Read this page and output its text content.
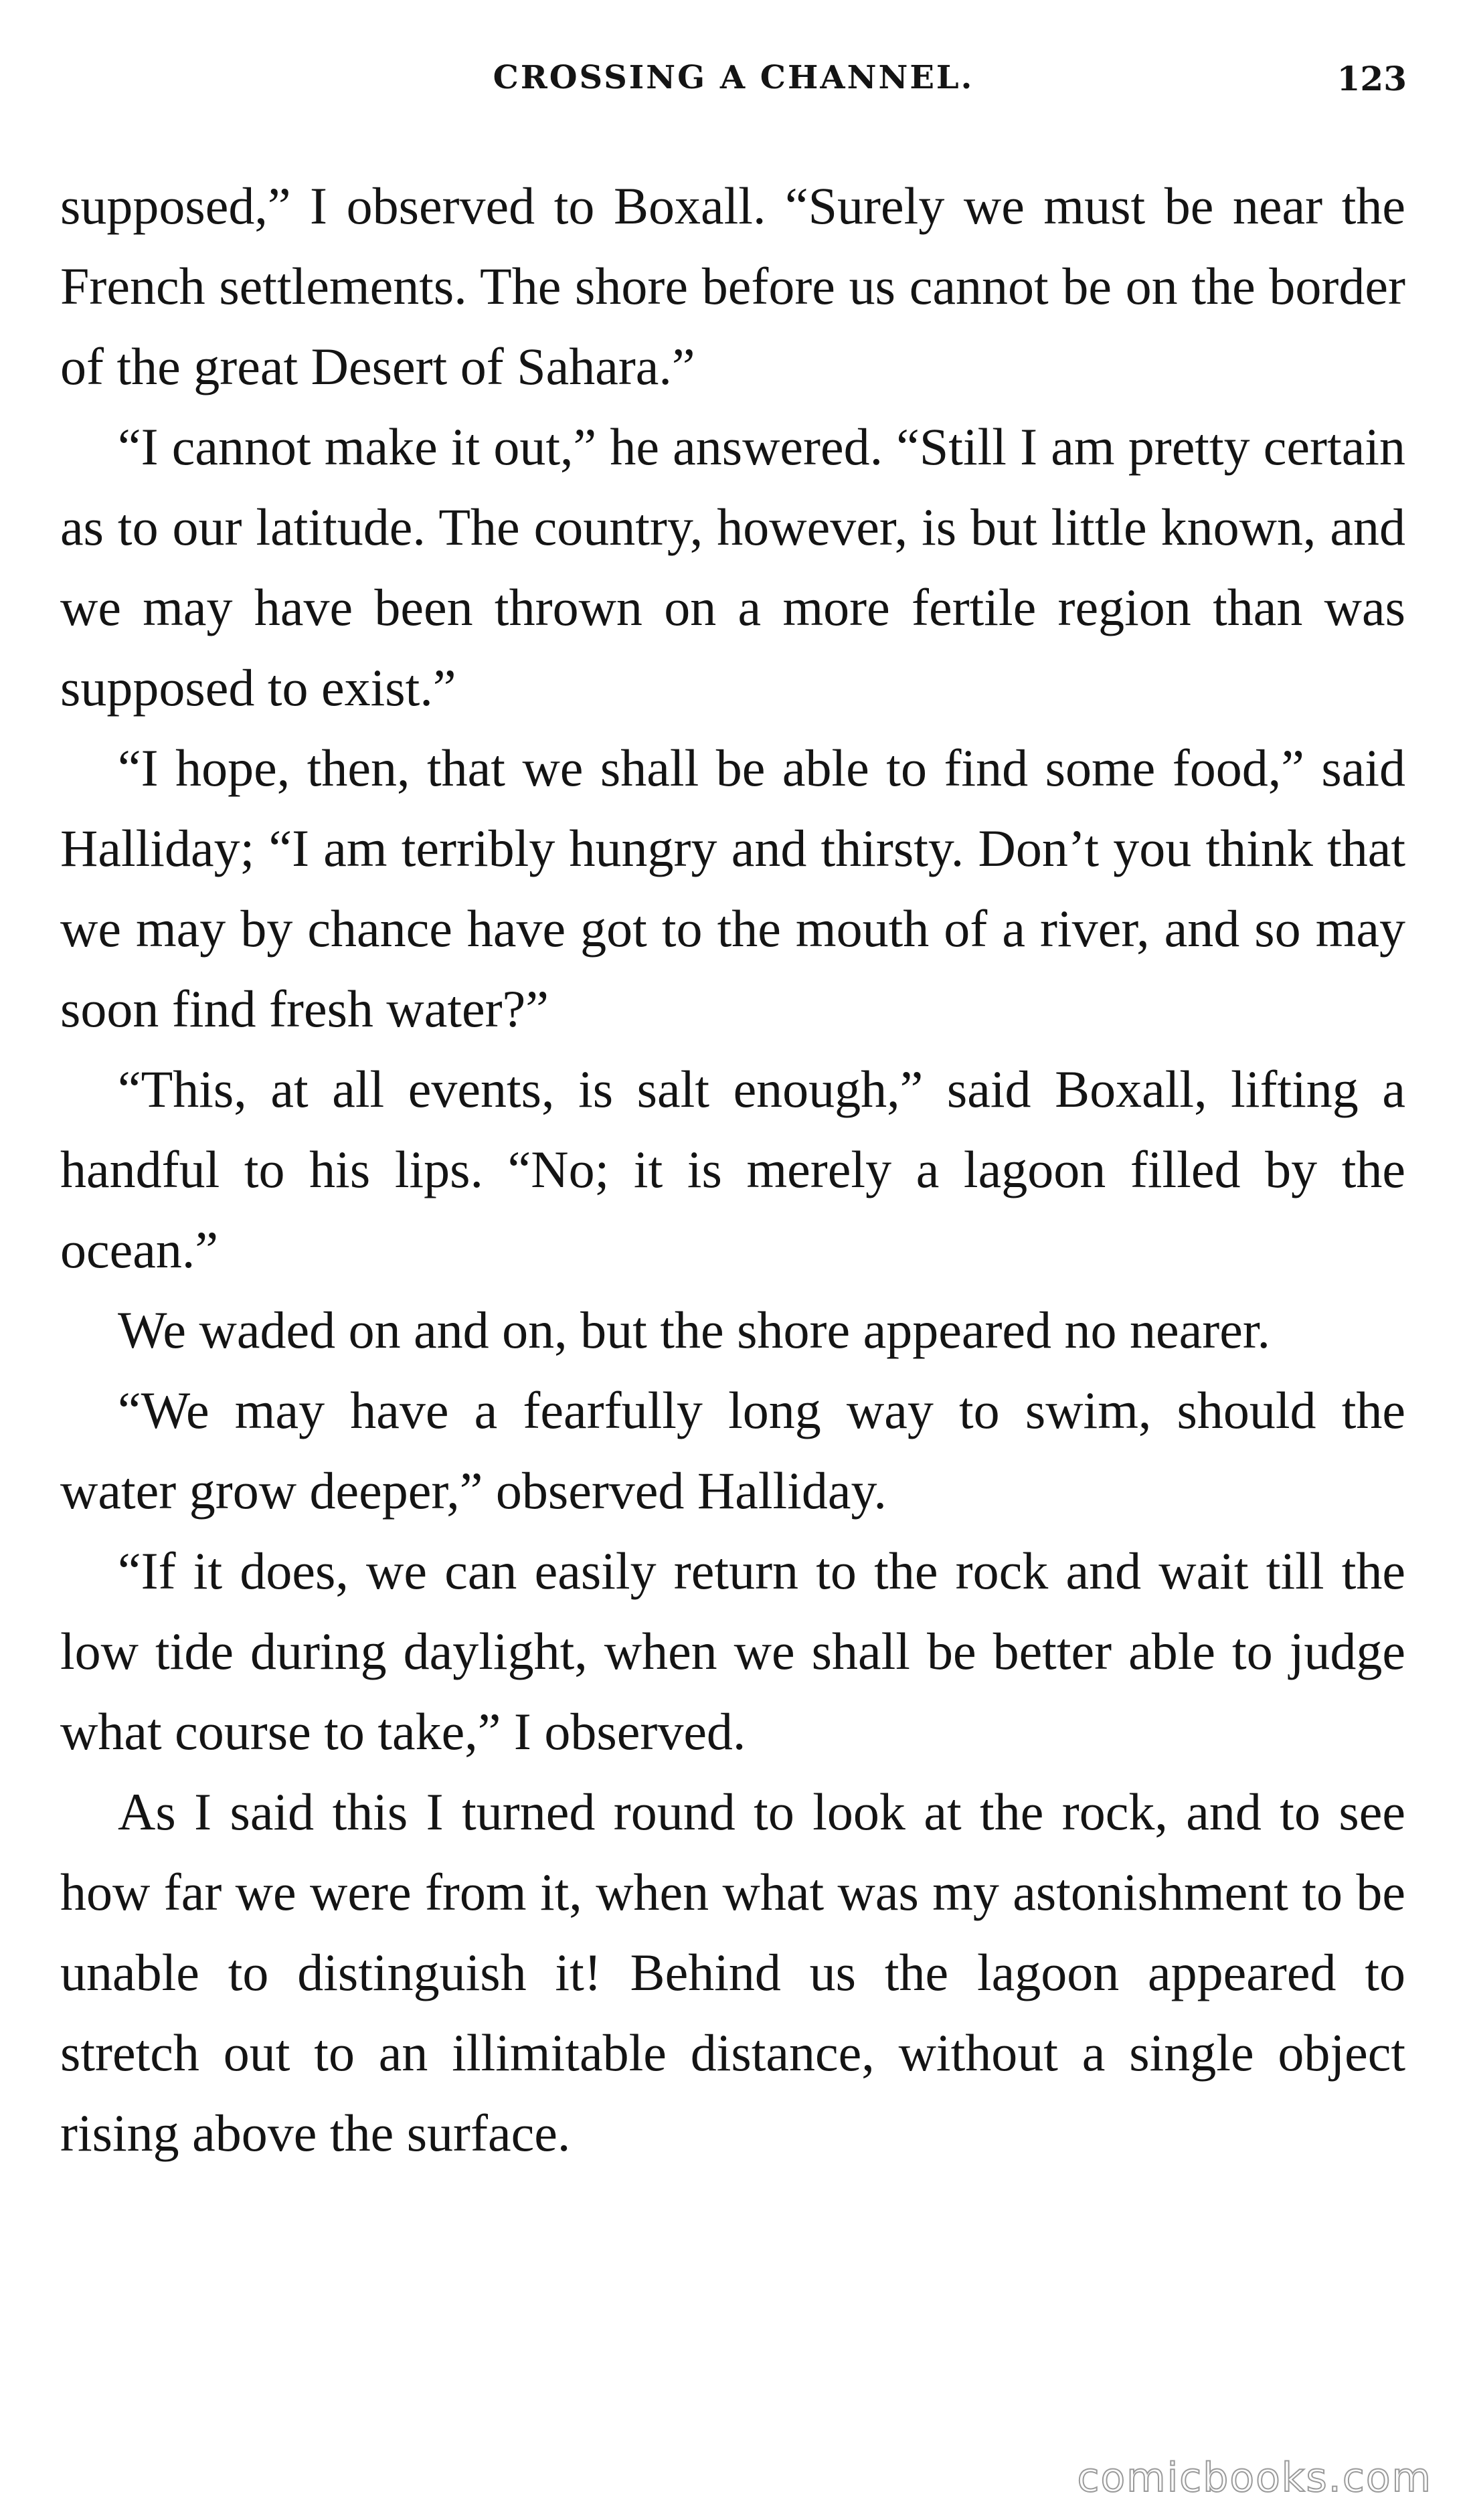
CROSSING A CHANNEL.	123

supposed,” I observed to Boxall. “Surely we must be near the French settlements. The shore before us cannot be on the border of the great Desert of Sahara.”

“I cannot make it out,” he answered. “Still I am pretty certain as to our latitude. The country, however, is but little known, and we may have been thrown on a more fertile region than was supposed to exist.”

“I hope, then, that we shall be able to find some food,” said Halliday; “I am terribly hungry and thirsty. Don’t you think that we may by chance have got to the mouth of a river, and so may soon find fresh water?”

“This, at all events, is salt enough,” said Boxall, lifting a handful to his lips. “No; it is merely a lagoon filled by the ocean.”

We waded on and on, but the shore appeared no nearer.

“We may have a fearfully long way to swim, should the water grow deeper,” observed Halliday.

“If it does, we can easily return to the rock and wait till the low tide during daylight, when we shall be better able to judge what course to take,” I observed.

As I said this I turned round to look at the rock, and to see how far we were from it, when what was my astonishment to be unable to distinguish it! Behind us the lagoon appeared to stretch out to an illimitable distance, without a single object rising above the surface.

comicbooks.com
